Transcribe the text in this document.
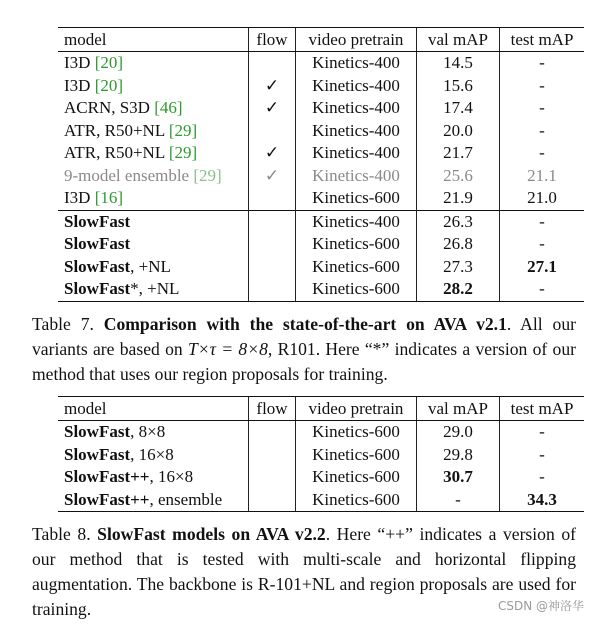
model	flow	video pretrain	val mAP	test mAP
I3D [20]		Kinetics-400	14.5	-
I3D [20]	✓	Kinetics-400	15.6	-
ACRN, S3D [46]	✓	Kinetics-400	17.4	-
ATR, R50+NL [29]		Kinetics-400	20.0	-
ATR, R50+NL [29]	✓	Kinetics-400	21.7	-
9-model ensemble [29]	✓	Kinetics-400	25.6	21.1
I3D [16]		Kinetics-600	21.9	21.0
SlowFast		Kinetics-400	26.3	-
SlowFast		Kinetics-600	26.8	-
SlowFast, +NL		Kinetics-600	27.3	27.1
SlowFast*, +NL		Kinetics-600	28.2	-
Table 7. Comparison with the state-of-the-art on AVA v2.1. All our variants are based on T×τ = 8×8, R101. Here “*” indicates a version of our method that uses our region proposals for training.
model	flow	video pretrain	val mAP	test mAP
SlowFast, 8×8		Kinetics-600	29.0	-
SlowFast, 16×8		Kinetics-600	29.8	-
SlowFast++, 16×8		Kinetics-600	30.7	-
SlowFast++, ensemble		Kinetics-600	-	34.3
Table 8. SlowFast models on AVA v2.2. Here “++” indicates a version of our method that is tested with multi-scale and horizontal flipping augmentation. The backbone is R-101+NL and region proposals are used for training.	CSDN @神洛华
